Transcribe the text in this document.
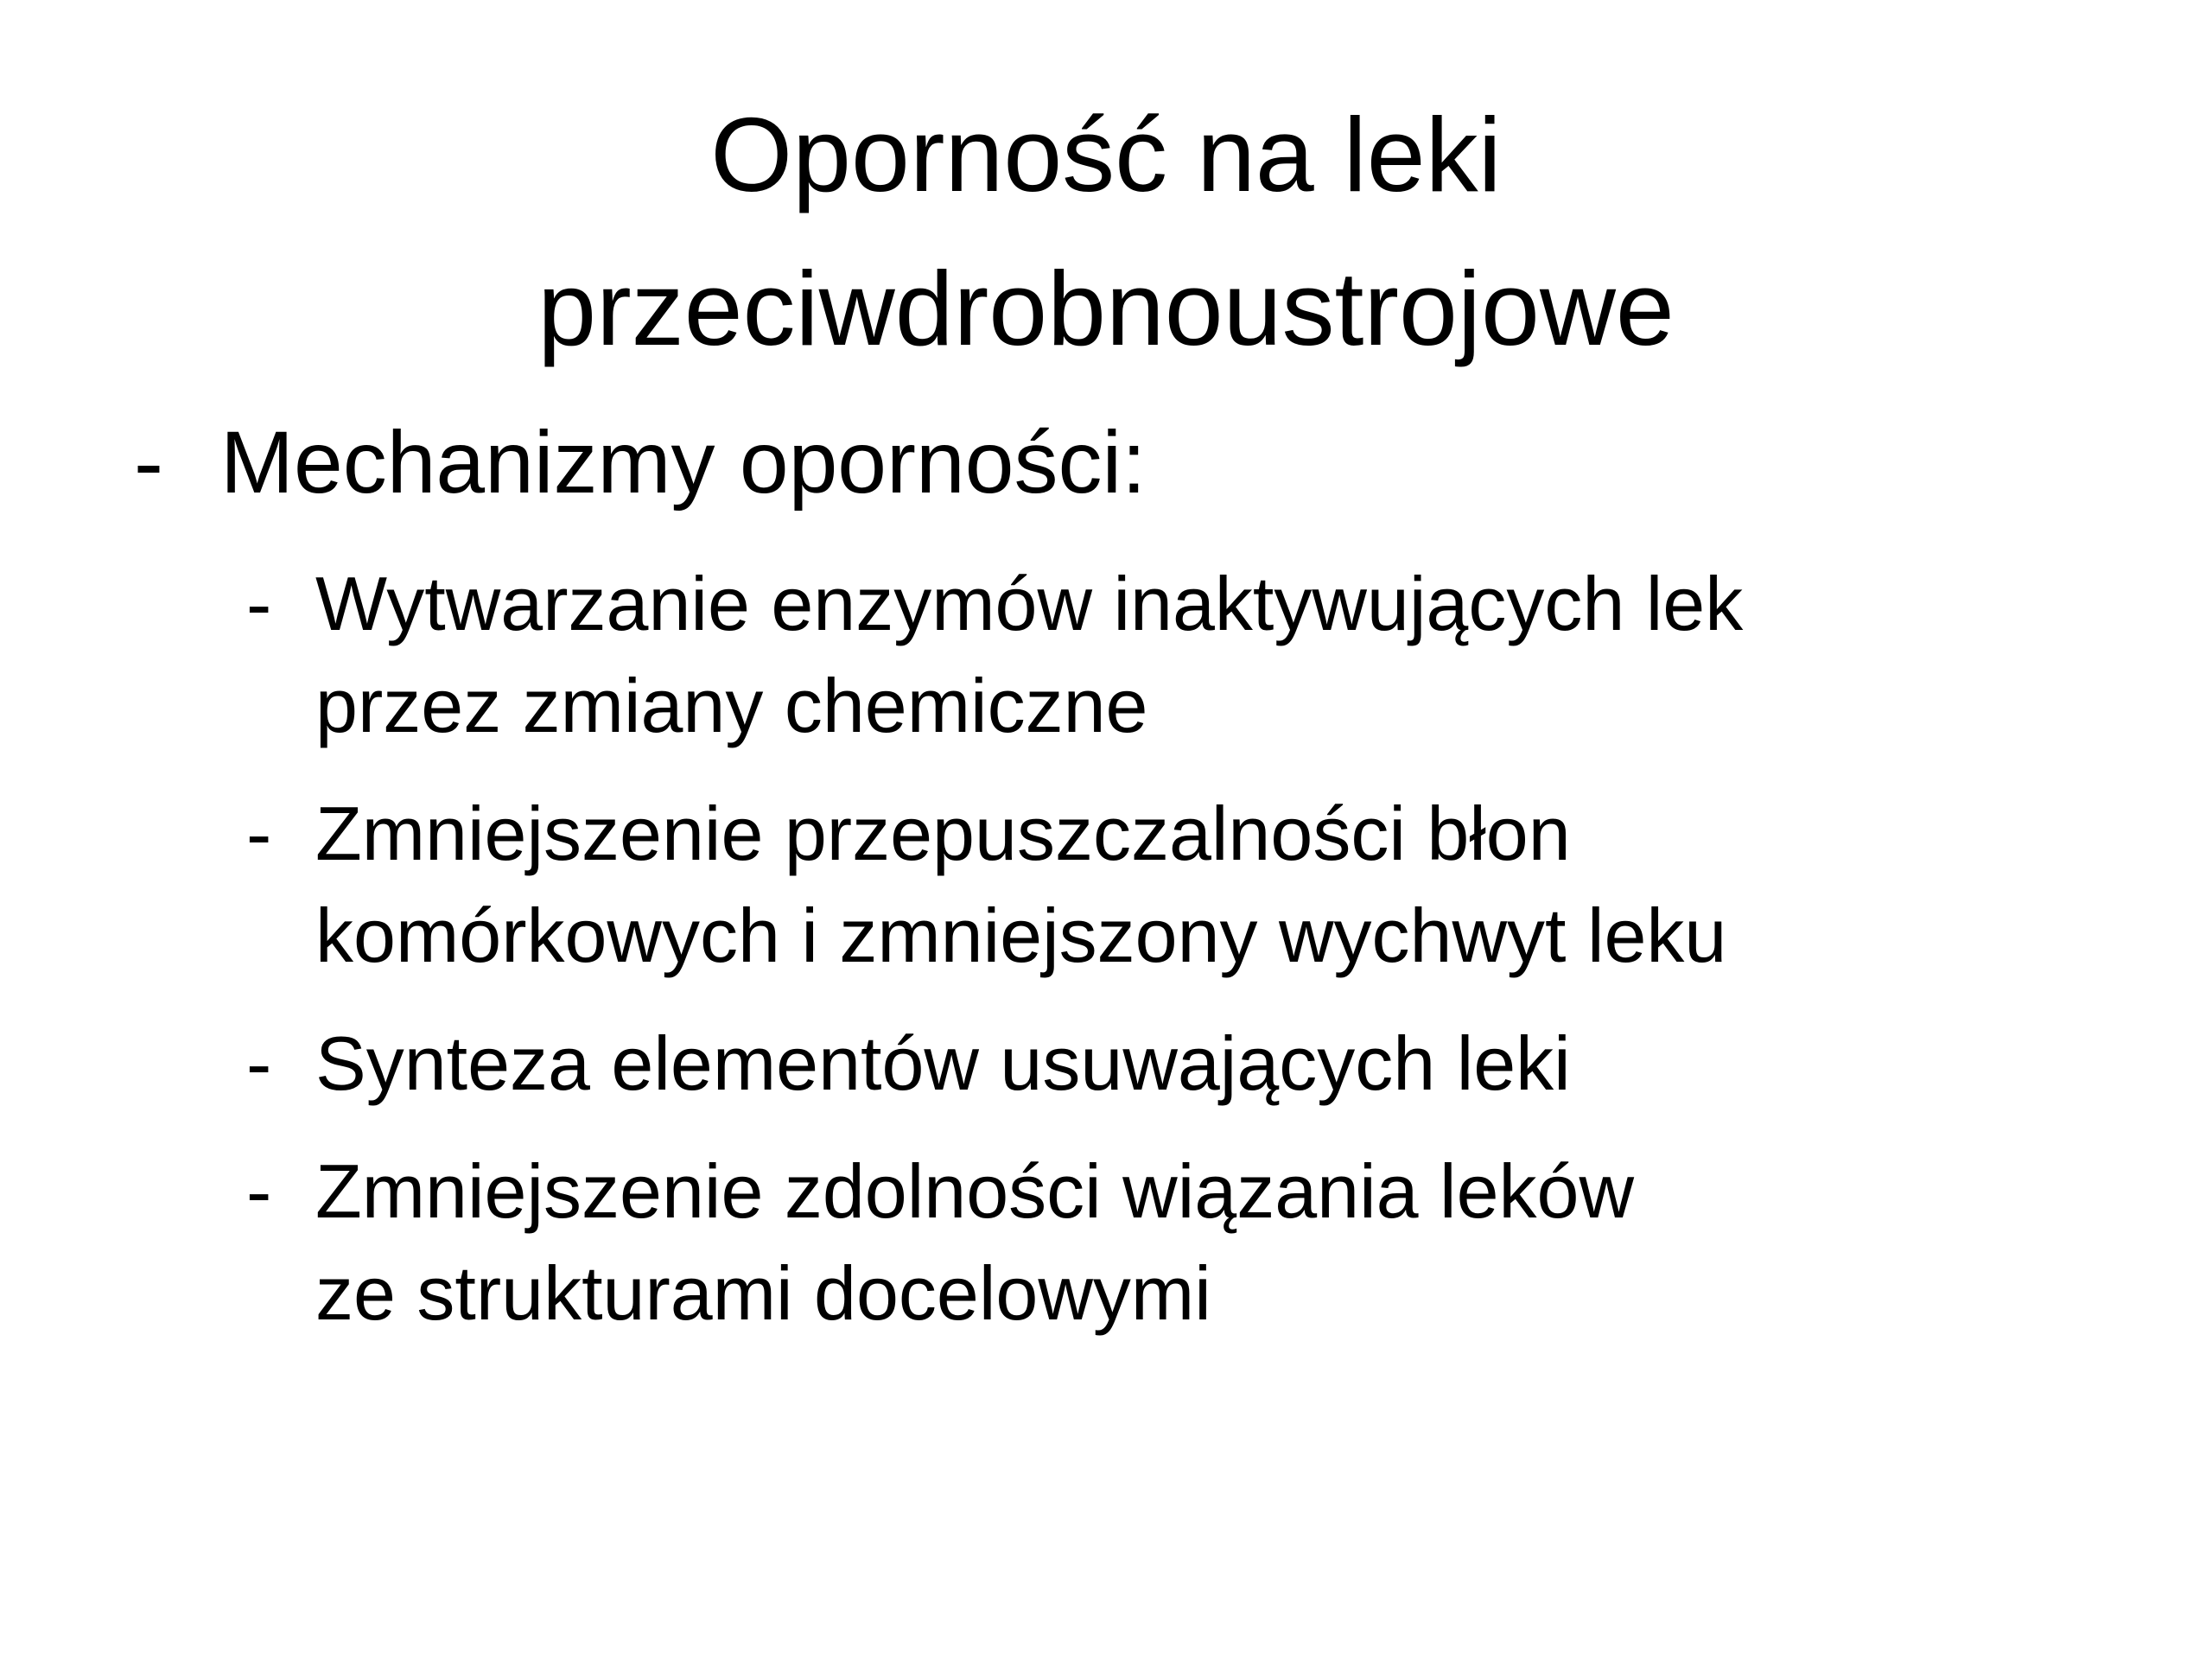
Oporność na leki
przeciwdrobnoustrojowe
- Mechanizmy oporności:
- Wytwarzanie enzymów inaktywujących lek
przez zmiany chemiczne
- Zmniejszenie przepuszczalności błon
komórkowych i zmniejszony wychwyt leku
- Synteza elementów usuwających leki
- Zmniejszenie zdolności wiązania leków
ze strukturami docelowymi
